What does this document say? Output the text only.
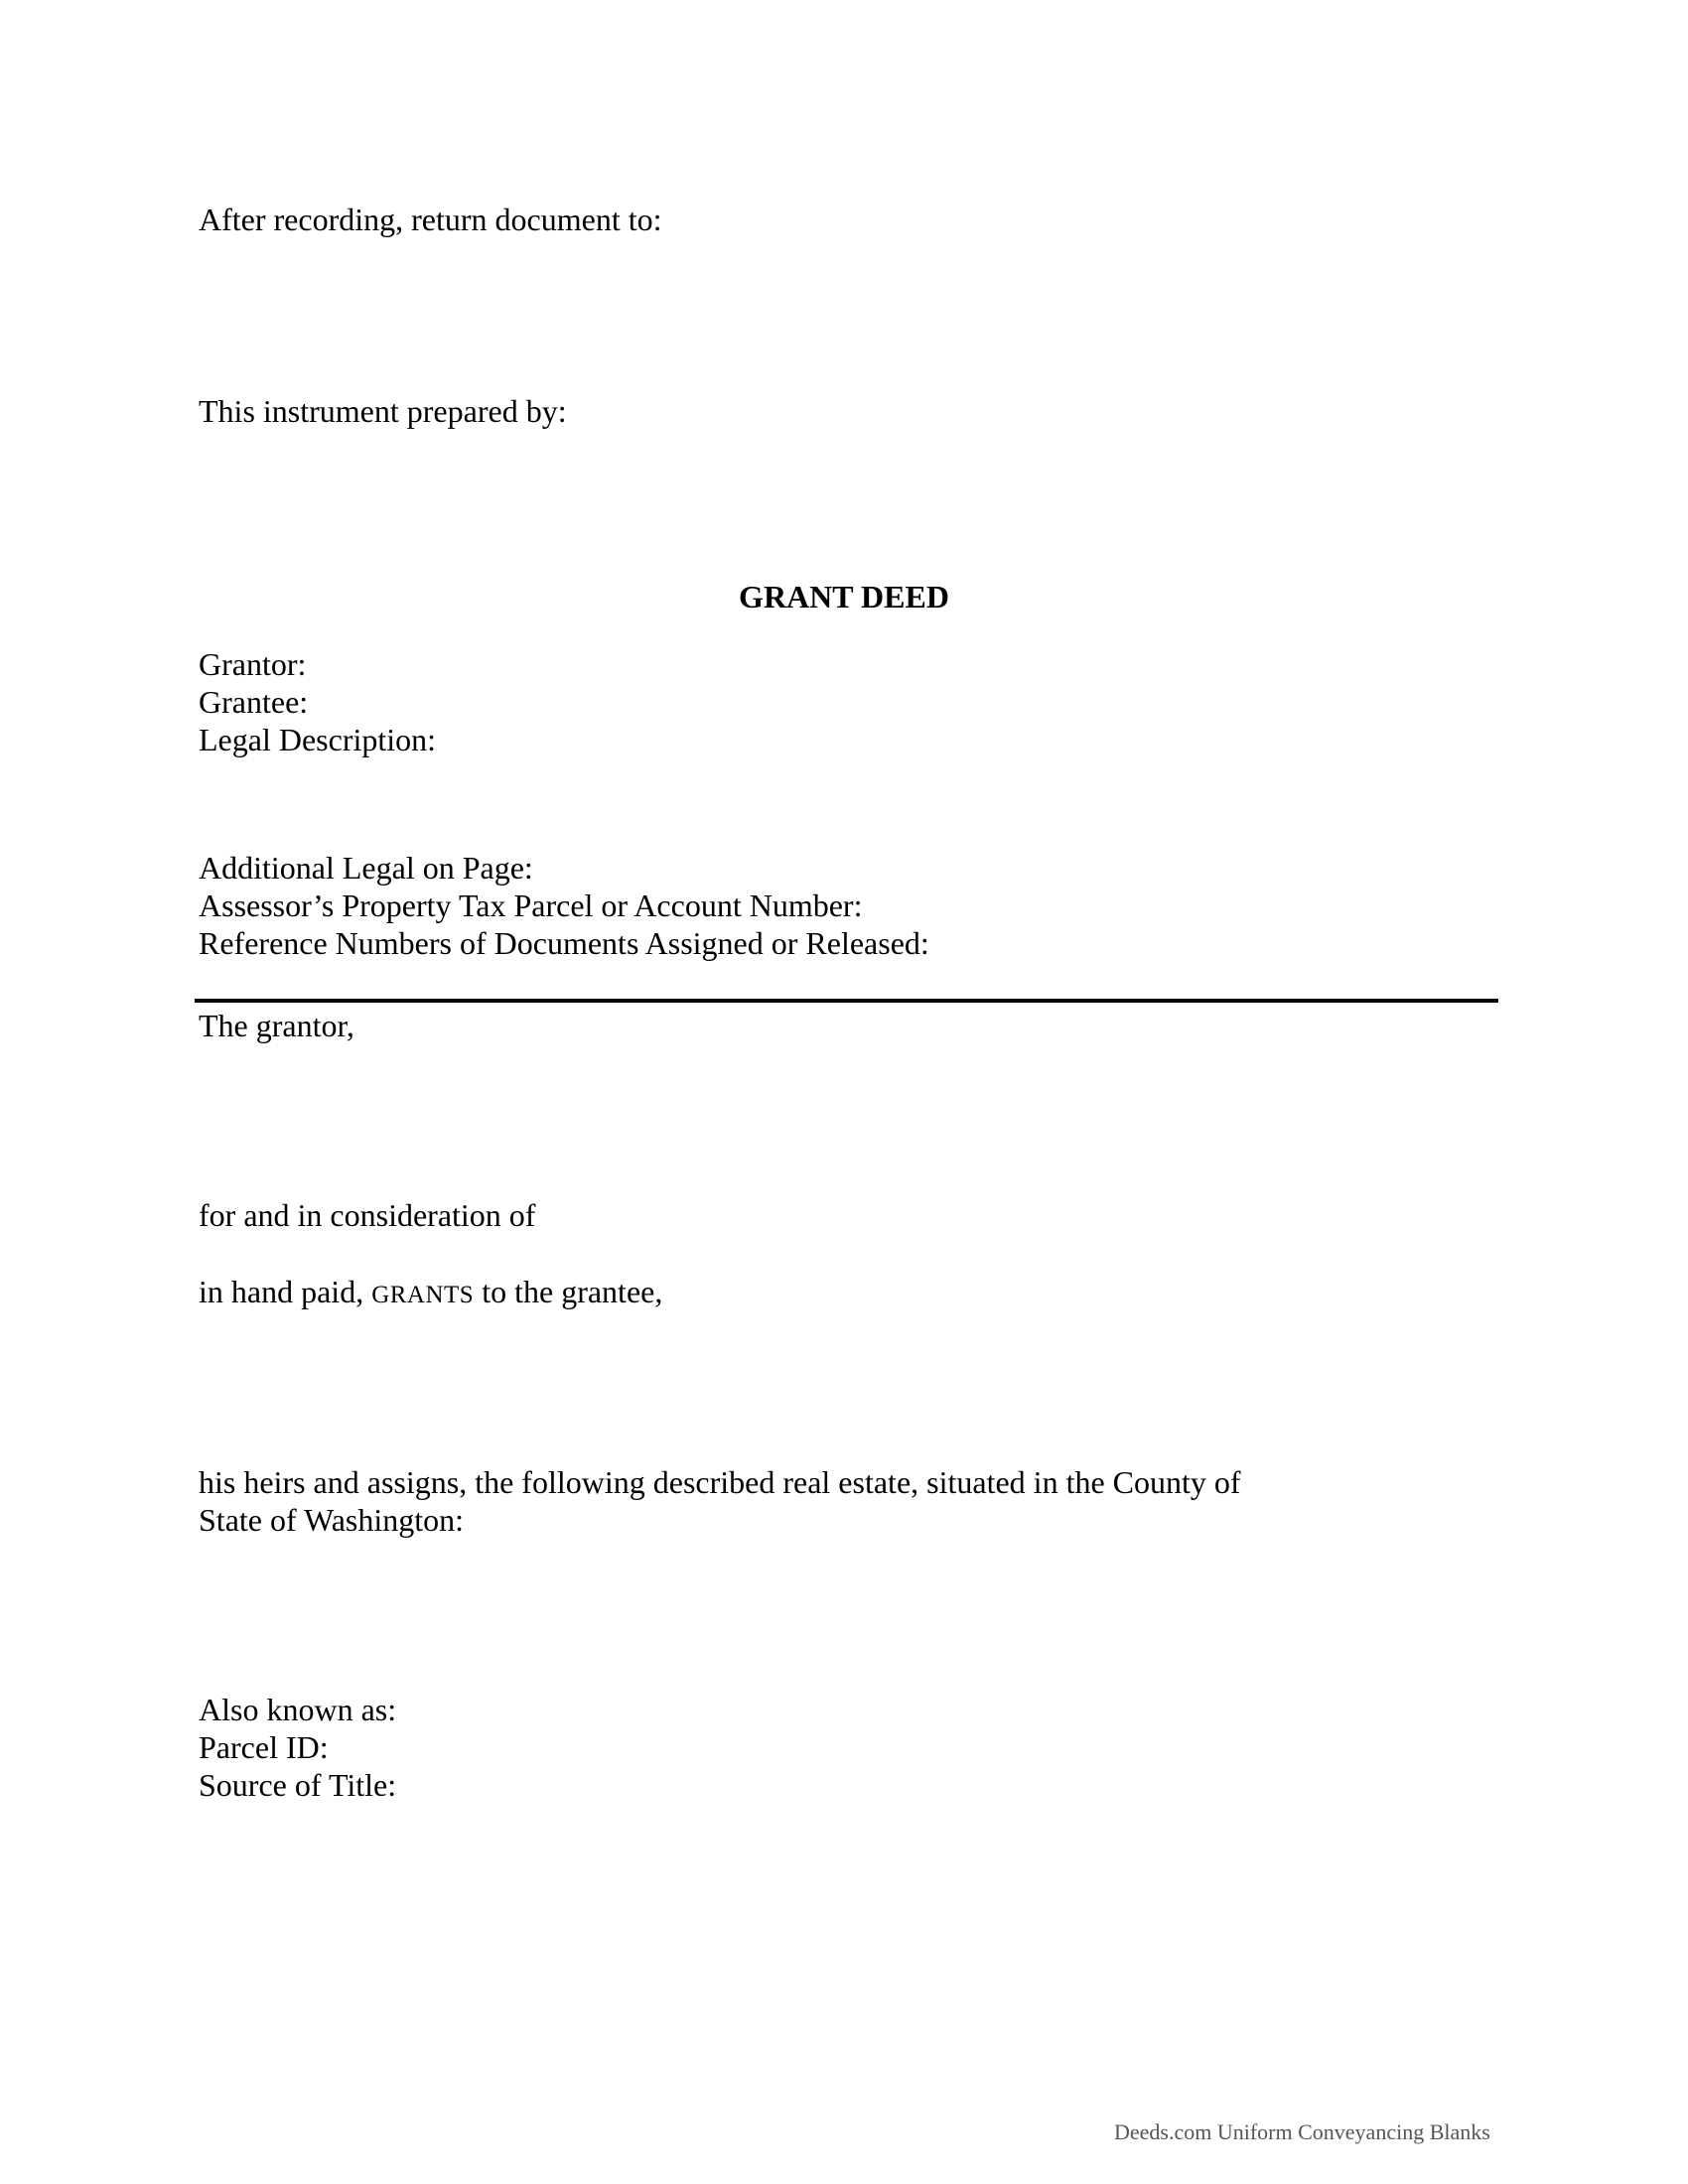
After recording, return document to:

This instrument prepared by:

GRANT DEED

Grantor:

Grantee:

Legal Description:

Additional Legal on Page:

Assessor’s Property Tax Parcel or Account Number:

Reference Numbers of Documents Assigned or Released:

The grantor,

for and in consideration of

in hand paid, GRANTS to the grantee,

his heirs and assigns, the following described real estate, situated in the County of

State of Washington:

Also known as:

Parcel ID:

Source of Title:

Deeds.com Uniform Conveyancing Blanks
